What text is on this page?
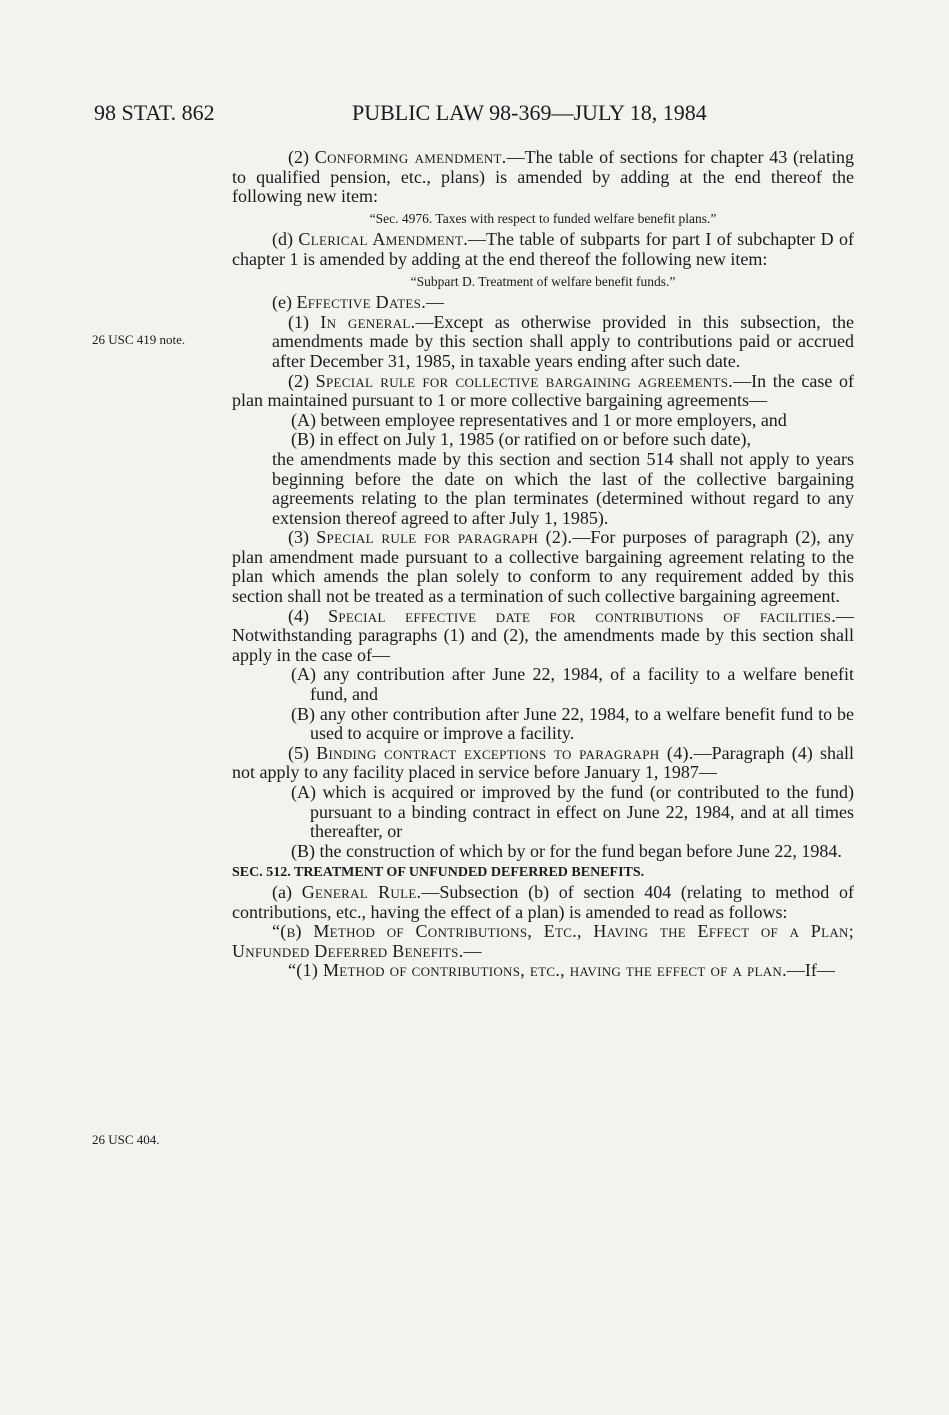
98 STAT. 862	PUBLIC LAW 98-369—JULY 18, 1984
26 USC 419 note.
26 USC 404.

(2) Conforming amendment.—The table of sections for chapter 43 (relating to qualified pension, etc., plans) is amended by adding at the end thereof the following new item:

“Sec. 4976. Taxes with respect to funded welfare benefit plans.”

(d) Clerical Amendment.—The table of subparts for part I of subchapter D of chapter 1 is amended by adding at the end thereof the following new item:

“Subpart D. Treatment of welfare benefit funds.”

(e) Effective Dates.—

(1) In general.—Except as otherwise provided in this subsection, the amendments made by this section shall apply to contributions paid or accrued after December 31, 1985, in taxable years ending after such date.

(2) Special rule for collective bargaining agreements.—In the case of plan maintained pursuant to 1 or more collective bargaining agreements—

(A) between employee representatives and 1 or more employers, and

(B) in effect on July 1, 1985 (or ratified on or before such date),

the amendments made by this section and section 514 shall not apply to years beginning before the date on which the last of the collective bargaining agreements relating to the plan terminates (determined without regard to any extension thereof agreed to after July 1, 1985).

(3) Special rule for paragraph (2).—For purposes of paragraph (2), any plan amendment made pursuant to a collective bargaining agreement relating to the plan which amends the plan solely to conform to any requirement added by this section shall not be treated as a termination of such collective bargaining agreement.

(4) Special effective date for contributions of facilities.—Notwithstanding paragraphs (1) and (2), the amendments made by this section shall apply in the case of—

(A) any contribution after June 22, 1984, of a facility to a welfare benefit fund, and

(B) any other contribution after June 22, 1984, to a welfare benefit fund to be used to acquire or improve a facility.

(5) Binding contract exceptions to paragraph (4).—Paragraph (4) shall not apply to any facility placed in service before January 1, 1987—

(A) which is acquired or improved by the fund (or contributed to the fund) pursuant to a binding contract in effect on June 22, 1984, and at all times thereafter, or

(B) the construction of which by or for the fund began before June 22, 1984.

SEC. 512. TREATMENT OF UNFUNDED DEFERRED BENEFITS.

(a) General Rule.—Subsection (b) of section 404 (relating to method of contributions, etc., having the effect of a plan) is amended to read as follows:

“(b) Method of Contributions, Etc., Having the Effect of a Plan; Unfunded Deferred Benefits.—

“(1) Method of contributions, etc., having the effect of a plan.—If—
